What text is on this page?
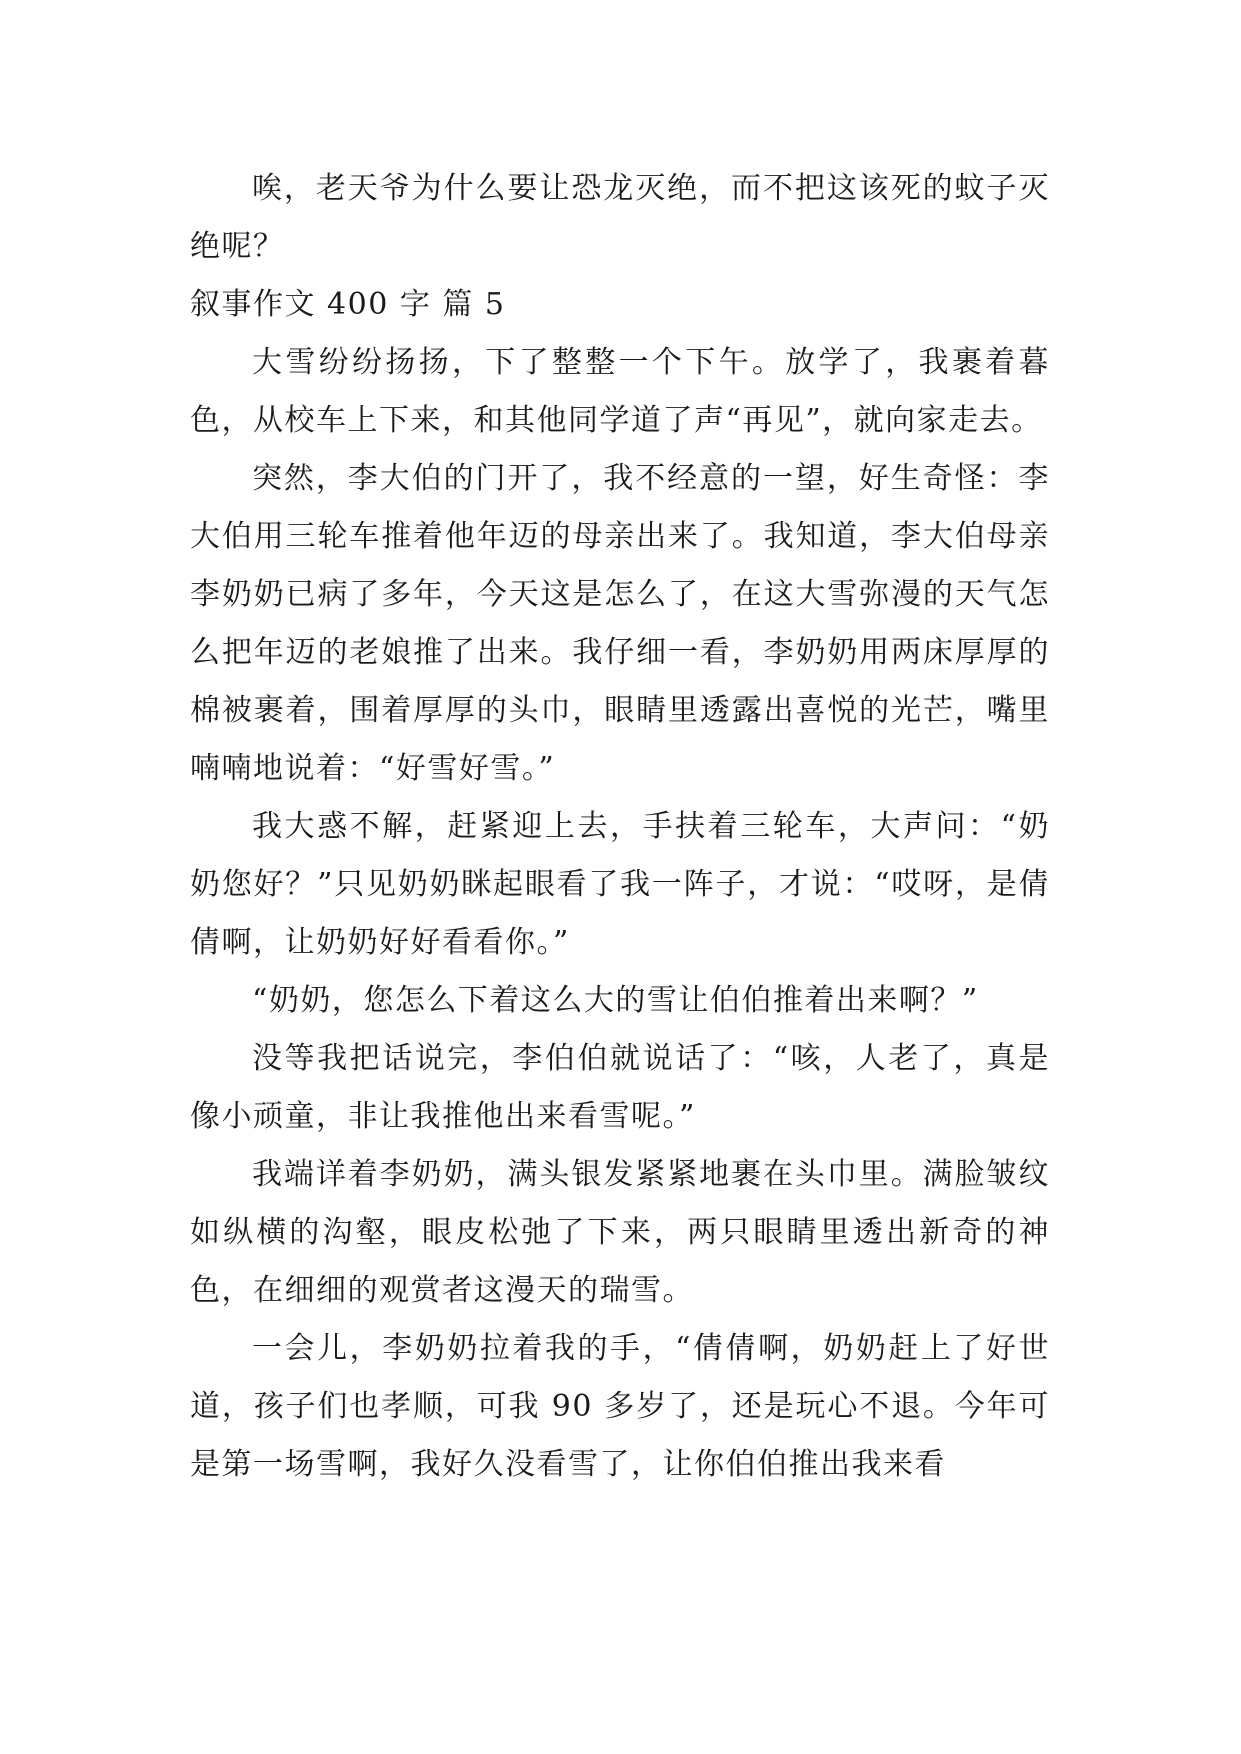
唉，老天爷为什么要让恐龙灭绝，而不把这该死的蚊子灭绝呢？

叙事作文 400 字 篇 5

大雪纷纷扬扬，下了整整一个下午。放学了，我裹着暮色，从校车上下来，和其他同学道了声“再见”，就向家走去。

突然，李大伯的门开了，我不经意的一望，好生奇怪：李大伯用三轮车推着他年迈的母亲出来了。我知道，李大伯母亲李奶奶已病了多年，今天这是怎么了，在这大雪弥漫的天气怎么把年迈的老娘推了出来。我仔细一看，李奶奶用两床厚厚的棉被裹着，围着厚厚的头巾，眼睛里透露出喜悦的光芒，嘴里喃喃地说着：“好雪好雪。”

我大惑不解，赶紧迎上去，手扶着三轮车，大声问：“奶奶您好？”只见奶奶眯起眼看了我一阵子，才说：“哎呀，是倩倩啊，让奶奶好好看看你。”

“奶奶，您怎么下着这么大的雪让伯伯推着出来啊？”

没等我把话说完，李伯伯就说话了：“咳，人老了，真是像小顽童，非让我推他出来看雪呢。”

我端详着李奶奶，满头银发紧紧地裹在头巾里。满脸皱纹如纵横的沟壑，眼皮松弛了下来，两只眼睛里透出新奇的神色，在细细的观赏者这漫天的瑞雪。

一会儿，李奶奶拉着我的手，“倩倩啊，奶奶赶上了好世道，孩子们也孝顺，可我 90 多岁了，还是玩心不退。今年可是第一场雪啊，我好久没看雪了，让你伯伯推出我来看
